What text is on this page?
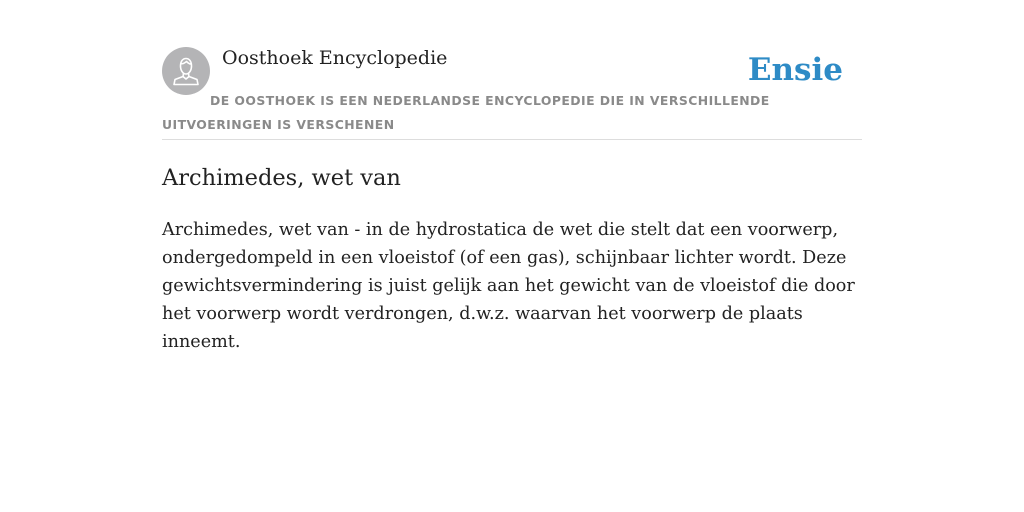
Oosthoek Encyclopedie	Ensie
DE OOSTHOEK IS EEN NEDERLANDSE ENCYCLOPEDIE DIE IN VERSCHILLENDE UITVOERINGEN IS VERSCHENEN
Archimedes, wet van

Archimedes, wet van - in de hydrostatica de wet die stelt dat een voorwerp, ondergedompeld in een vloeistof (of een gas), schijnbaar lichter wordt. Deze gewichtsvermindering is juist gelijk aan het gewicht van de vloeistof die door het voorwerp wordt verdrongen, d.w.z. waarvan het voorwerp de plaats inneemt.
